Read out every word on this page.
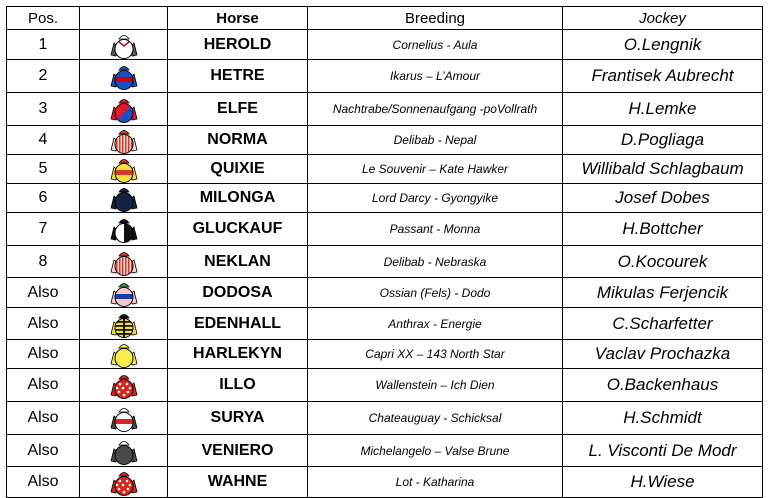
Pos.		Horse	Breeding	Jockey
1		HEROLD	Cornelius - Aula	O.Lengnik
2		HETRE	Ikarus – L’Amour	Frantisek Aubrecht
3		ELFE	Nachtrabe/Sonnenaufgang -poVollrath	H.Lemke
4		NORMA	Delibab - Nepal	D.Pogliaga
5		QUIXIE	Le Souvenir – Kate Hawker	Willibald Schlagbaum
6		MILONGA	Lord Darcy - Gyongyike	Josef Dobes
7		GLUCKAUF	Passant - Monna	H.Bottcher
8		NEKLAN	Delibab - Nebraska	O.Kocourek
Also		DODOSA	Ossian (Fels) - Dodo	Mikulas Ferjencik
Also		EDENHALL	Anthrax - Energie	C.Scharfetter
Also		HARLEKYN	Capri XX – 143 North Star	Vaclav Prochazka
Also		ILLO	Wallenstein – Ich Dien	O.Backenhaus
Also		SURYA	Chateauguay - Schicksal	H.Schmidt
Also		VENIERO	Michelangelo – Valse Brune	L. Visconti De Modr
Also		WAHNE	Lot - Katharina	H.Wiese
